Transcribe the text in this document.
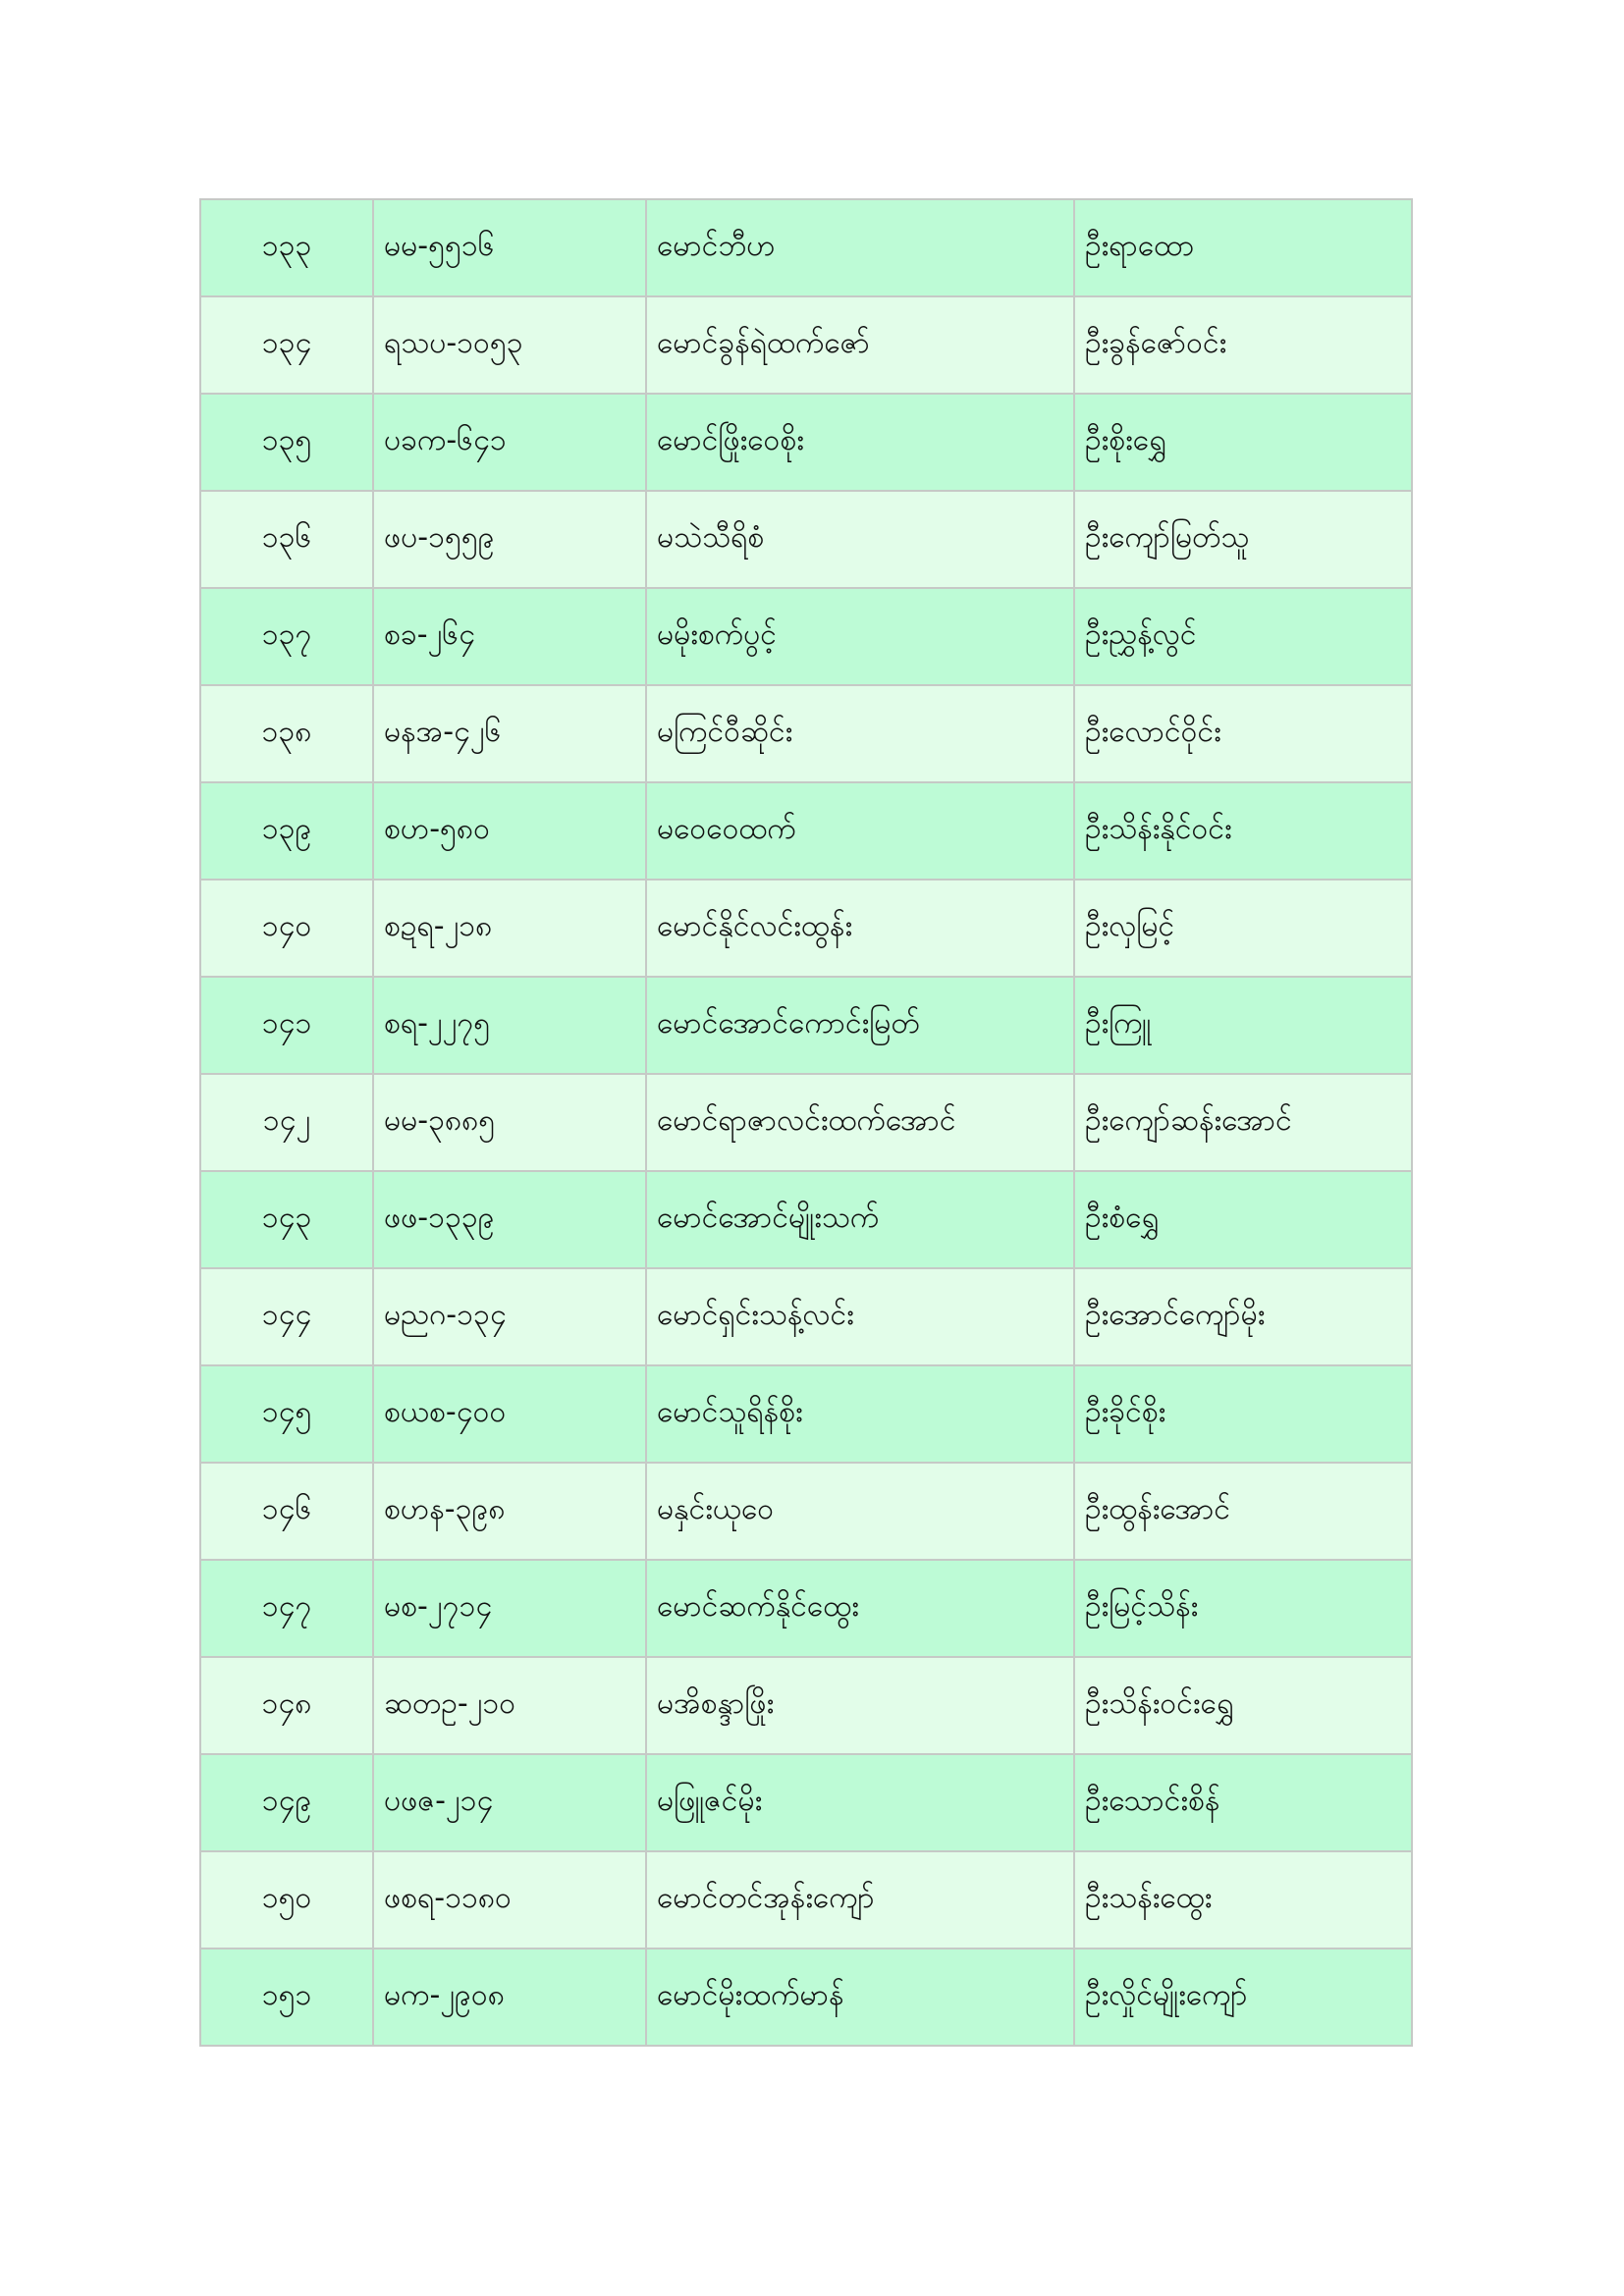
၁၃၃	မမ-၅၅၁၆	မောင်ဘီဟ	ဦးရာထော
၁၃၄	ရသပ-၁၀၅၃	မောင်ခွန်ရဲထက်ဇော်	ဦးခွန်ဇော်ဝင်း
၁၃၅	ပခက-၆၄၁	မောင်ဖြိုးဝေစိုး	ဦးစိုးရွှေ
၁၃၆	ဖပ-၁၅၅၉	မသဲသီရိစံ	ဦးကျော်မြတ်သူ
၁၃၇	စခ-၂၆၄	မမိုးစက်ပွင့်	ဦးညွှန့်လွင်
၁၃၈	မနအ-၄၂၆	မကြင်ဝီဆိုင်း	ဦးလောင်ဝိုင်း
၁၃၉	စဟ-၅၈၀	မဝေဝေထက်	ဦးသိန်းနိုင်ဝင်း
၁၄၀	စဍရ-၂၁၈	မောင်နိုင်လင်းထွန်း	ဦးလှမြင့်
၁၄၁	စရ-၂၂၇၅	မောင်အောင်ကောင်းမြတ်	ဦးကြူ
၁၄၂	မမ-၃၈၈၅	မောင်ရာဇာလင်းထက်အောင်	ဦးကျော်ဆန်းအောင်
၁၄၃	ဖဖ-၁၃၃၉	မောင်အောင်မျိုးသက်	ဦးစံရွှေ
၁၄၄	မညဂ-၁၃၄	မောင်ရှင်းသန့်လင်း	ဦးအောင်ကျော်မိုး
၁၄၅	စယစ-၄၀၀	မောင်သူရိန်စိုး	ဦးခိုင်စိုး
၁၄၆	စဟန-၃၉၈	မနှင်းယုဝေ	ဦးထွန်းအောင်
၁၄၇	မစ-၂၇၁၄	မောင်ဆက်နိုင်ထွေး	ဦးမြင့်သိန်း
၁၄၈	ဆတဥ-၂၁၀	မအိစန္ဒာဖြိုး	ဦးသိန်းဝင်းရွှေ
၁၄၉	ပဖဇ-၂၁၄	မဖြူဇင်မိုး	ဦးသောင်းစိန်
၁၅၀	ဖစရ-၁၁၈၀	မောင်တင်အုန်းကျော်	ဦးသန်းထွေး
၁၅၁	မက-၂၉၀၈	မောင်မိုးထက်မာန်	ဦးလှိုင်မျိုးကျော်
